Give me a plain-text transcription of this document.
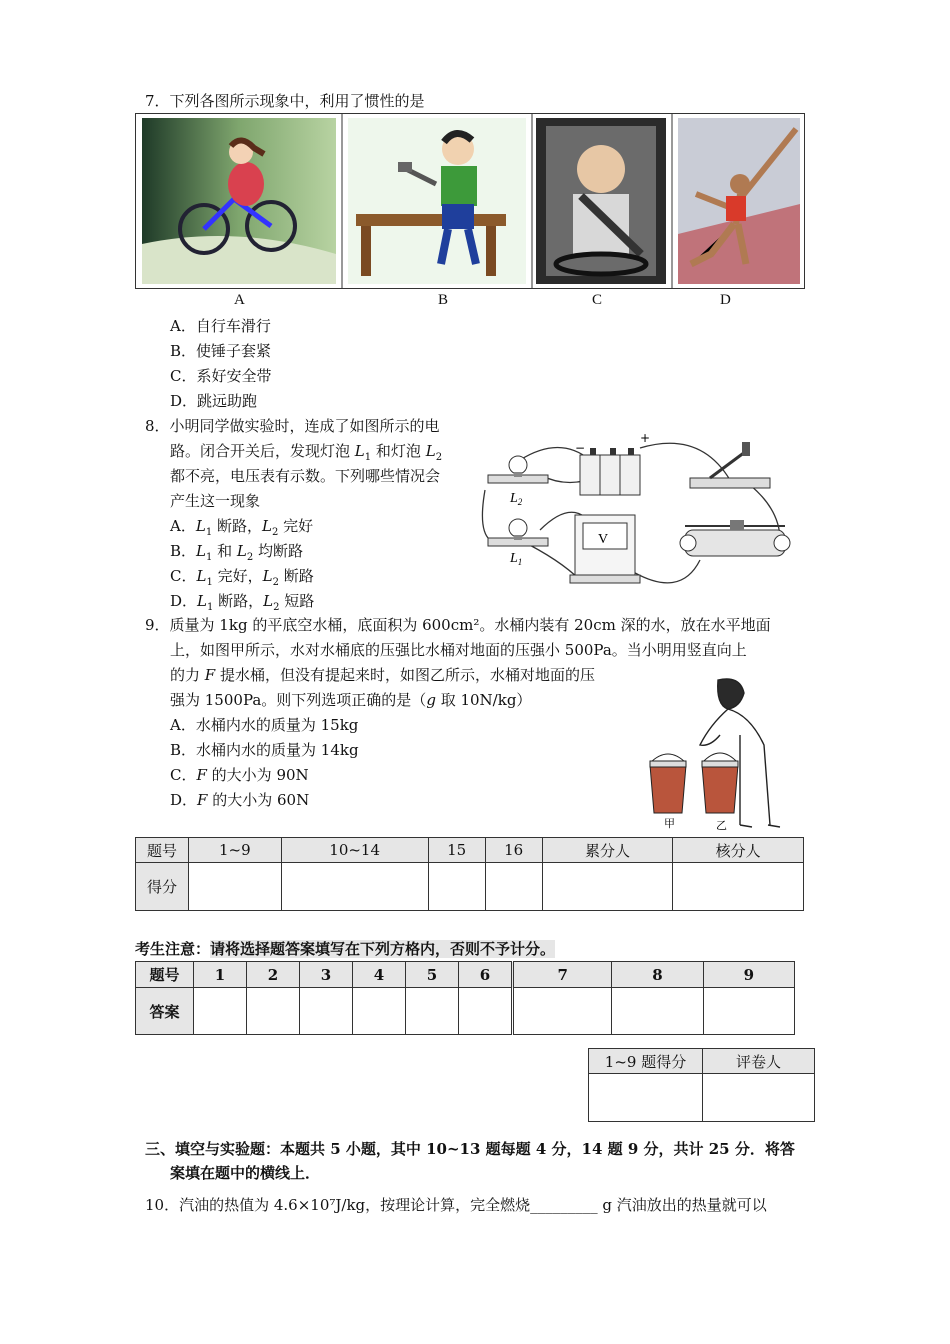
7．下列各图所示现象中，利用了惯性的是
A	B	C	D
A．自行车滑行
B．使锤子套紧
C．系好安全带
D．跳远助跑
8．小明同学做实验时，连成了如图所示的电
路。闭合开关后，发现灯泡 $L_1$ 和灯泡 $L_2$
都不亮，电压表有示数。下列哪些情况会
产生这一现象
A．$L_1$ 断路，$L_2$ 完好
B．$L_1$ 和 $L_2$ 均断路
C．$L_1$ 完好，$L_2$ 断路
D．$L_1$ 断路，$L_2$ 短路
$L_2$
$L_1$
−
+
V
9．质量为 1kg 的平底空水桶，底面积为 600cm²。水桶内装有 20cm 深的水，放在水平地面
上，如图甲所示，水对水桶底的压强比水桶对地面的压强小 500Pa。当小明用竖直向上
的力 F 提水桶，但没有提起来时，如图乙所示，水桶对地面的压
强为 1500Pa。则下列选项正确的是（g 取 10N/kg）
A．水桶内水的质量为 15kg
B．水桶内水的质量为 14kg
C．F 的大小为 90N
D．F 的大小为 60N
甲	乙
题号	1~9	10~14	15	16	累分人	核分人
得分						
考生注意：请将选择题答案填写在下列方格内，否则不予计分。
题号	1	2	3	4	5	6	7	8	9
答案									
1~9 题得分	评卷人

三、填空与实验题：本题共 5 小题，其中 10~13 题每题 4 分，14 题 9 分，共计 25 分．将答
案填在题中的横线上．
10．汽油的热值为 4.6×10⁷J/kg，按理论计算，完全燃烧_________ g 汽油放出的热量就可以
